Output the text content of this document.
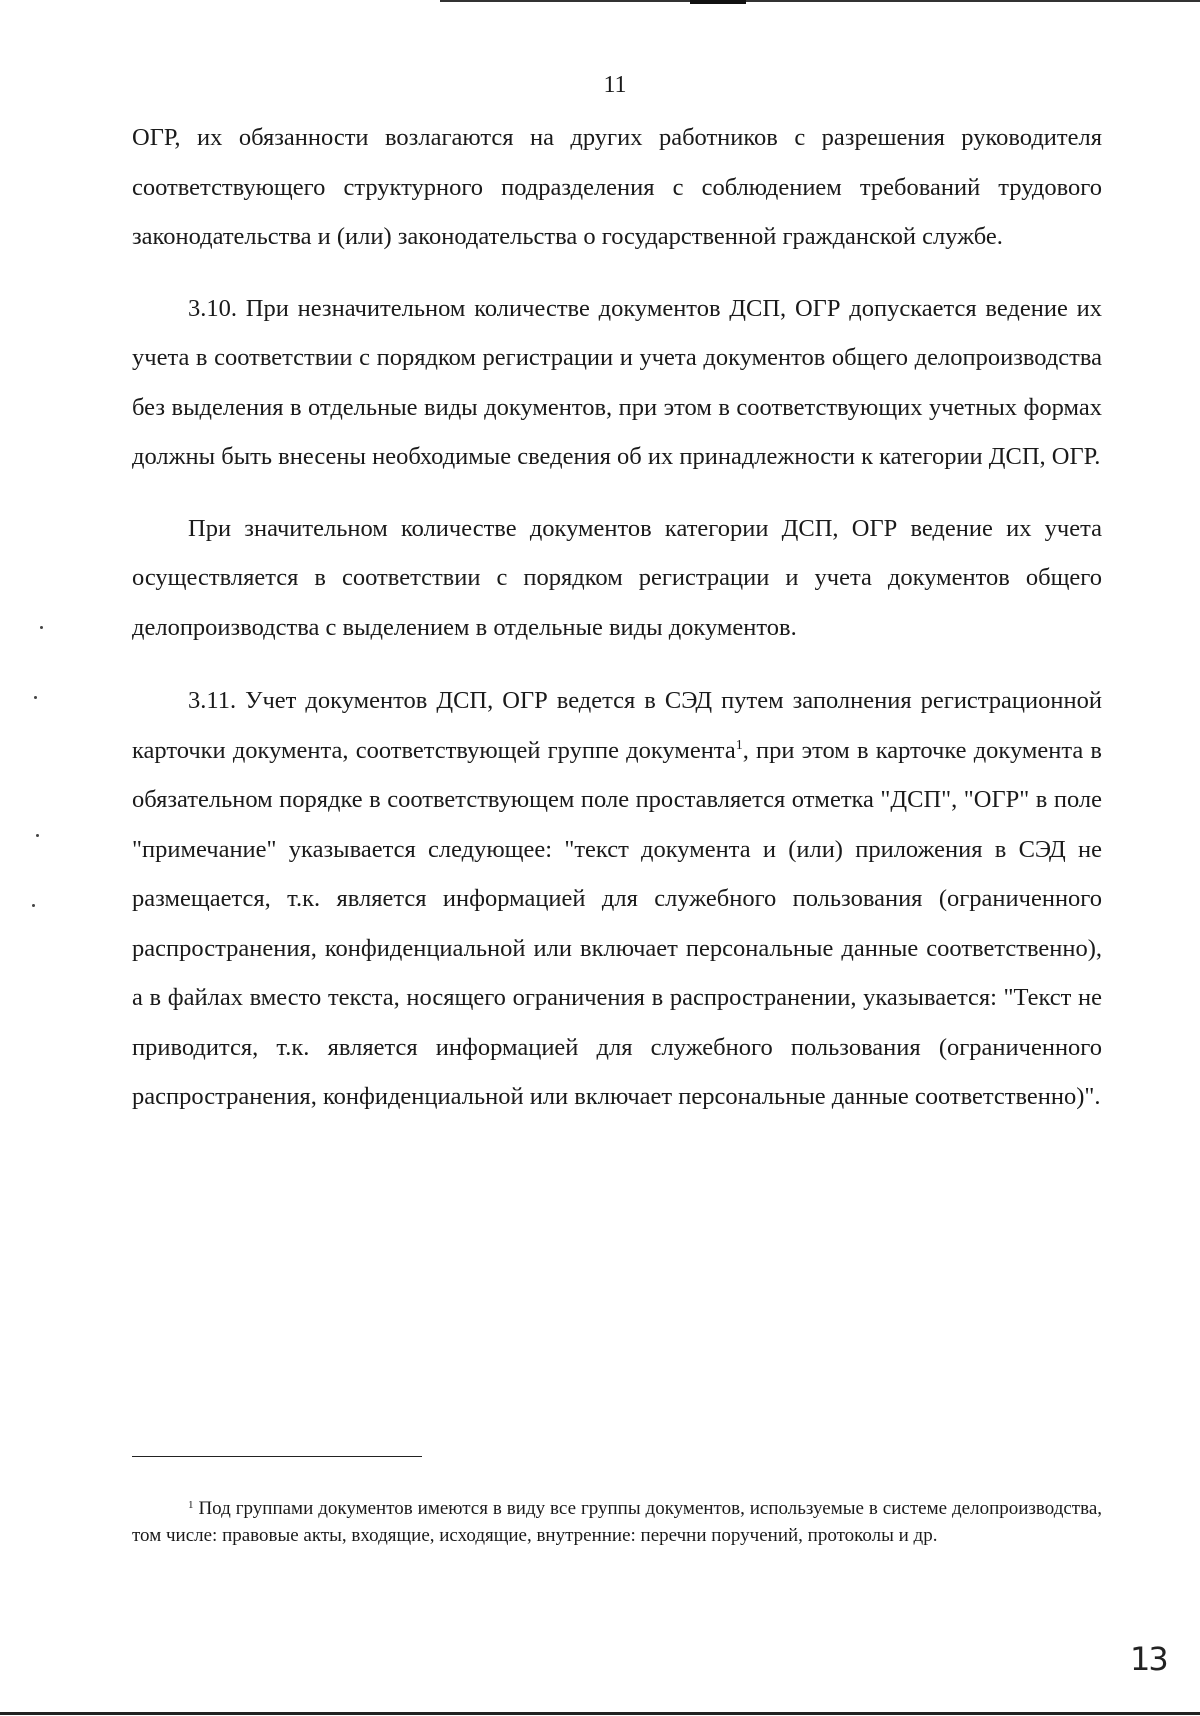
11

ОГР, их обязанности возлагаются на других работников с разрешения руководителя соответствующего структурного подразделения с соблюдением требований трудового законодательства и (или) законодательства о государственной гражданской службе.

3.10. При незначительном количестве документов ДСП, ОГР допускается ведение их учета в соответствии с порядком регистрации и учета документов общего делопроизводства без выделения в отдельные виды документов, при этом в соответствующих учетных формах должны быть внесены необходимые сведения об их принадлежности к категории ДСП, ОГР.

При значительном количестве документов категории ДСП, ОГР ведение их учета осуществляется в соответствии с порядком регистрации и учета документов общего делопроизводства с выделением в отдельные виды документов.

3.11. Учет документов ДСП, ОГР ведется в СЭД путем заполнения регистрационной карточки документа, соответствующей группе документа$^1$, при этом в карточке документа в обязательном порядке в соответствующем поле проставляется отметка "ДСП", "ОГР" в поле "примечание" указывается следующее: "текст документа и (или) приложения в СЭД не размещается, т.к. является информацией для служебного пользования (ограниченного распространения, конфиденциальной или включает персональные данные соответственно), а в файлах вместо текста, носящего ограничения в распространении, указывается: "Текст не приводится, т.к. является информацией для служебного пользования (ограниченного распространения, конфиденциальной или включает персональные данные соответственно)".

$^1$ Под группами документов имеются в виду все группы документов, используемые в системе делопроизводства, том числе: правовые акты, входящие, исходящие, внутренние: перечни поручений, протоколы и др.

13
